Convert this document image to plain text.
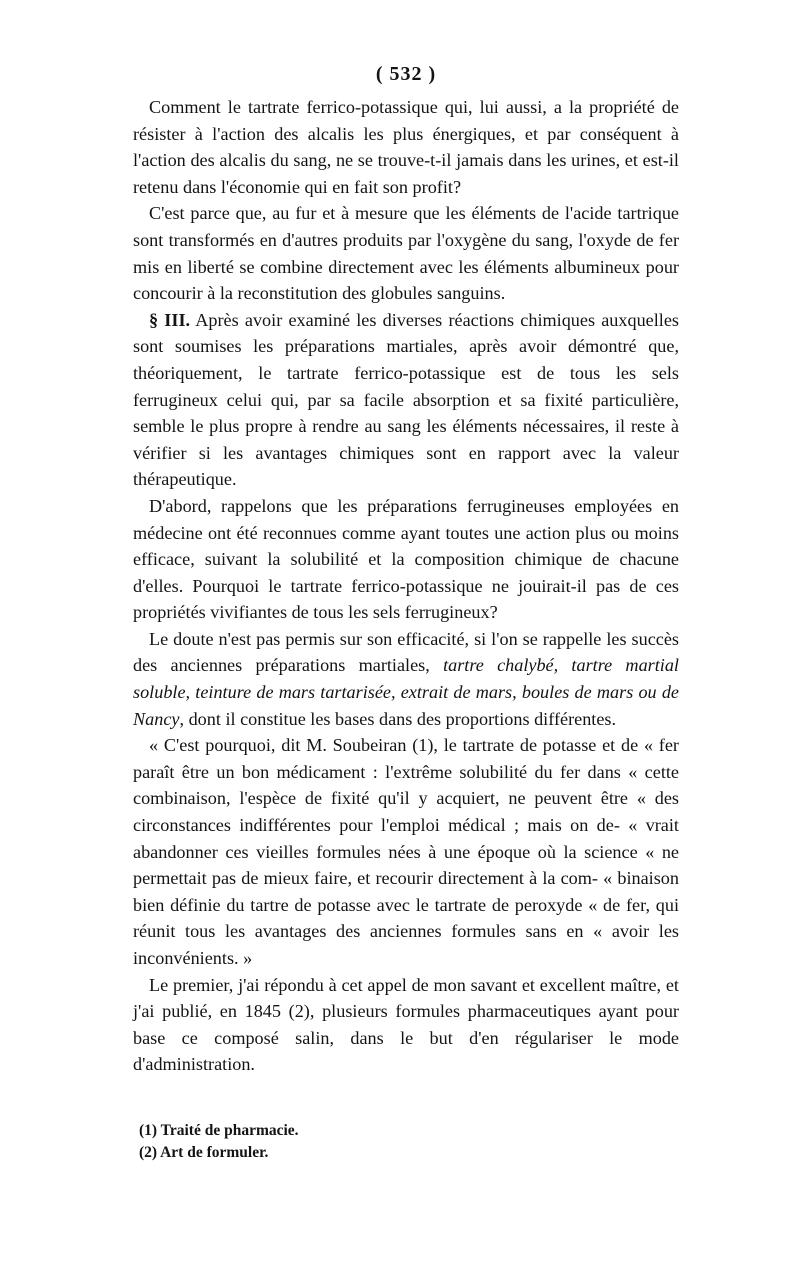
( 532 )

Comment le tartrate ferrico-potassique qui, lui aussi, a la propriété de résister à l'action des alcalis les plus énergiques, et par conséquent à l'action des alcalis du sang, ne se trouve-t-il jamais dans les urines, et est-il retenu dans l'économie qui en fait son profit?

C'est parce que, au fur et à mesure que les éléments de l'acide tartrique sont transformés en d'autres produits par l'oxygène du sang, l'oxyde de fer mis en liberté se combine directement avec les éléments albumineux pour concourir à la reconstitution des globules sanguins.

§ III. Après avoir examiné les diverses réactions chimiques auxquelles sont soumises les préparations martiales, après avoir démontré que, théoriquement, le tartrate ferrico-potassique est de tous les sels ferrugineux celui qui, par sa facile absorption et sa fixité particulière, semble le plus propre à rendre au sang les éléments nécessaires, il reste à vérifier si les avantages chimiques sont en rapport avec la valeur thérapeutique.

D'abord, rappelons que les préparations ferrugineuses employées en médecine ont été reconnues comme ayant toutes une action plus ou moins efficace, suivant la solubilité et la composition chimique de chacune d'elles. Pourquoi le tartrate ferrico-potassique ne jouirait-il pas de ces propriétés vivifiantes de tous les sels ferrugineux?

Le doute n'est pas permis sur son efficacité, si l'on se rappelle les succès des anciennes préparations martiales, tartre chalybé, tartre martial soluble, teinture de mars tartarisée, extrait de mars, boules de mars ou de Nancy, dont il constitue les bases dans des proportions différentes.

« C'est pourquoi, dit M. Soubeiran (1), le tartrate de potasse et de « fer paraît être un bon médicament : l'extrême solubilité du fer dans « cette combinaison, l'espèce de fixité qu'il y acquiert, ne peuvent être « des circonstances indifférentes pour l'emploi médical ; mais on de- « vrait abandonner ces vieilles formules nées à une époque où la science « ne permettait pas de mieux faire, et recourir directement à la com- « binaison bien définie du tartre de potasse avec le tartrate de peroxyde « de fer, qui réunit tous les avantages des anciennes formules sans en « avoir les inconvénients. »

Le premier, j'ai répondu à cet appel de mon savant et excellent maître, et j'ai publié, en 1845 (2), plusieurs formules pharmaceutiques ayant pour base ce composé salin, dans le but d'en régulariser le mode d'administration.

(1) Traité de pharmacie.
(2) Art de formuler.
